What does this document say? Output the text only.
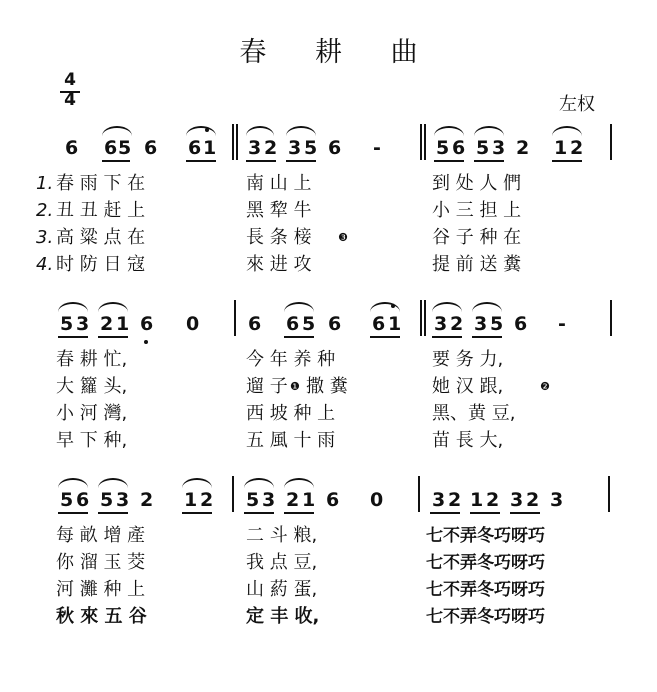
春 耕 曲
4
4	左权
6 6 5 6 6 1 3 2 3 5 6 -	5 6 5 3 2 1 2
1. 春 雨 下 在	南 山 上	到 处 人 們
2. 丑 丑 赶 上	黑 犂 牛	小 三 担 上
3. 高 粱 点 在	長 条 椄 ❸	谷 子 种 在
4. 时 防 日 寇	來 进 攻	提 前 送 糞
5 3 2 1 6 0	6 6 5 6 6 1 3 2 3 5 6 -
春 耕 忙,	今 年 养 种	要 务 力,
大 籮 头,	遛 子 ❶ 撒 糞	她 汉 跟,	❷
小 河 灣,	西 坡 种 上	黑、黄 豆,
早 下 种,	五 風 十 雨	苗 長 大,
5 6 5 3 2 1 2 5 3 2 1 6 0	3 2 1 2 3 2 3
每 畝 增 產	二 斗 粮,	七不弄冬巧呀巧
你 溜 玉 茭	我 点 豆,	七不弄冬巧呀巧
河 灘 种 上	山 葯 蛋,	七不弄冬巧呀巧
秋 來 五 谷	定 丰 收,	七不弄冬巧呀巧
